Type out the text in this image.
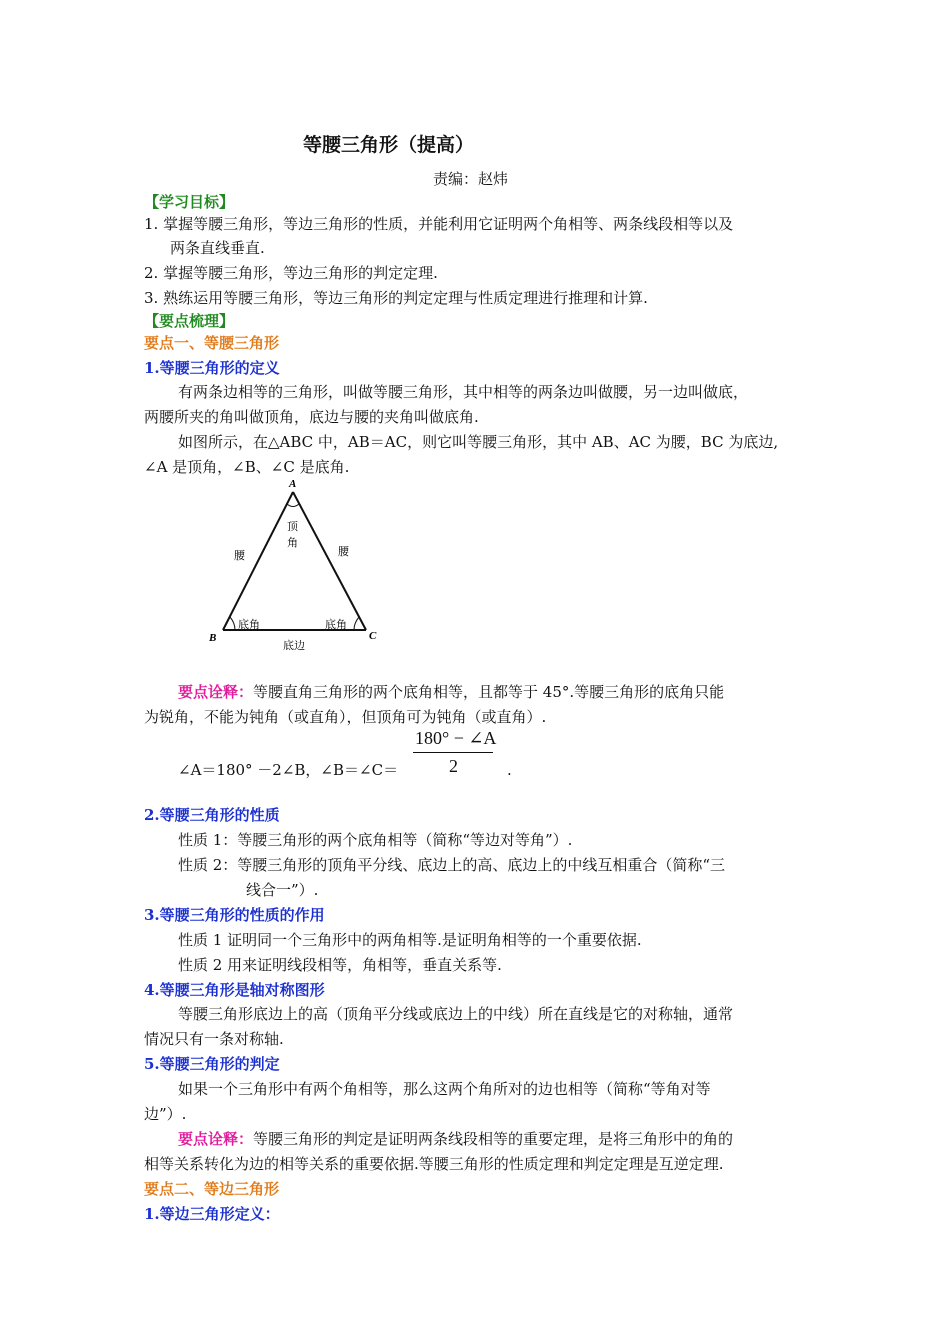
等腰三角形（提高）
责编：赵炜
【学习目标】
1. 掌握等腰三角形，等边三角形的性质，并能利用它证明两个角相等、两条线段相等以及
两条直线垂直.
2. 掌握等腰三角形，等边三角形的判定定理.
3. 熟练运用等腰三角形，等边三角形的判定定理与性质定理进行推理和计算.
【要点梳理】
要点一、等腰三角形
1.等腰三角形的定义
有两条边相等的三角形，叫做等腰三角形，其中相等的两条边叫做腰，另一边叫做底，
两腰所夹的角叫做顶角，底边与腰的夹角叫做底角.
如图所示，在△ABC 中，AB＝AC，则它叫等腰三角形，其中 AB、AC 为腰，BC 为底边,
∠A 是顶角，∠B、∠C 是底角.
A
B	C
顶
角
腰	腰
底角	底角
底边
要点诠释：等腰直角三角形的两个底角相等，且都等于 45°.等腰三角形的底角只能
为锐角，不能为钝角（或直角），但顶角可为钝角（或直角）.
∠A＝180° －2∠B，∠B＝∠C＝
180° − ∠A
2	.
2.等腰三角形的性质
性质 1：等腰三角形的两个底角相等（简称“等边对等角”）.
性质 2：等腰三角形的顶角平分线、底边上的高、底边上的中线互相重合（简称“三
线合一”）.
3.等腰三角形的性质的作用
性质 1 证明同一个三角形中的两角相等.是证明角相等的一个重要依据.
性质 2 用来证明线段相等，角相等，垂直关系等.
4.等腰三角形是轴对称图形
等腰三角形底边上的高（顶角平分线或底边上的中线）所在直线是它的对称轴，通常
情况只有一条对称轴.
5.等腰三角形的判定
如果一个三角形中有两个角相等，那么这两个角所对的边也相等（简称“等角对等
边”）.
要点诠释：等腰三角形的判定是证明两条线段相等的重要定理，是将三角形中的角的
相等关系转化为边的相等关系的重要依据.等腰三角形的性质定理和判定定理是互逆定理.
要点二、等边三角形
1.等边三角形定义：
